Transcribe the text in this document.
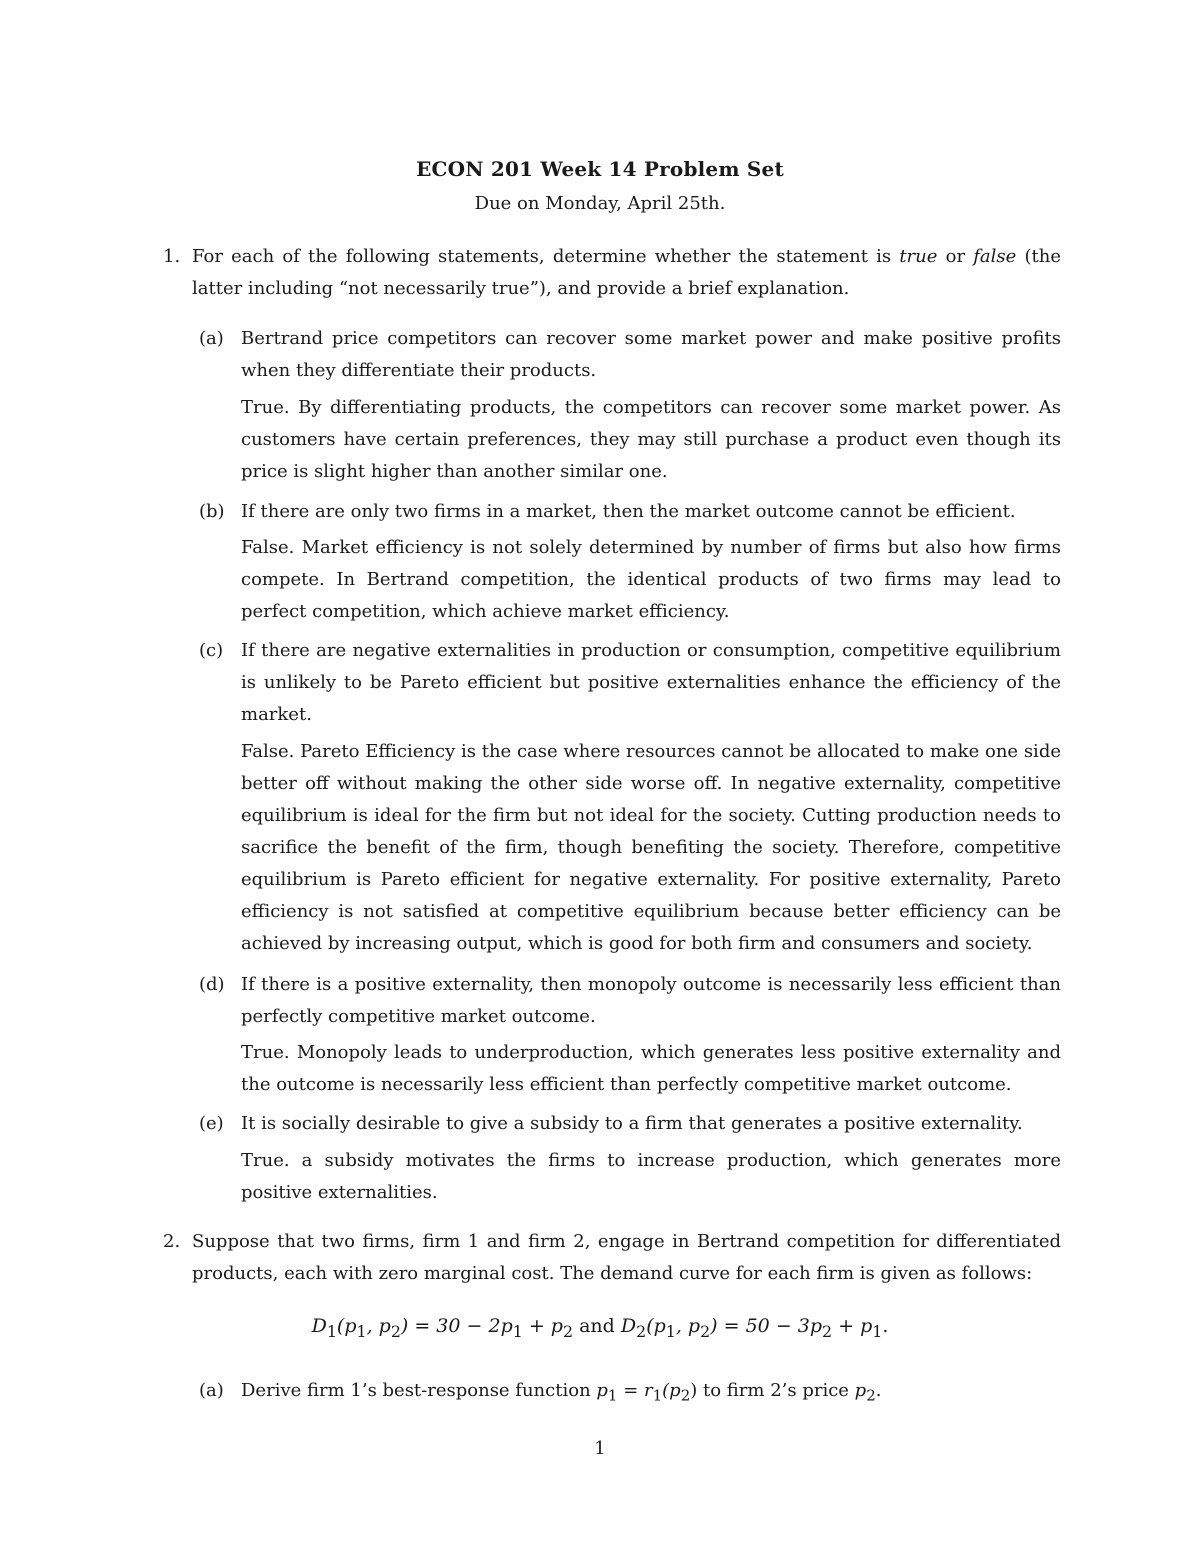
ECON 201 Week 14 Problem Set
Due on Monday, April 25th.
1. For each of the following statements, determine whether the statement is true or false (the latter including “not necessarily true”), and provide a brief explanation.
(a) Bertrand price competitors can recover some market power and make positive profits when they differentiate their products.
True. By differentiating products, the competitors can recover some market power. As customers have certain preferences, they may still purchase a product even though its price is slight higher than another similar one.
(b) If there are only two firms in a market, then the market outcome cannot be efficient.
False. Market efficiency is not solely determined by number of firms but also how firms compete. In Bertrand competition, the identical products of two firms may lead to perfect competition, which achieve market efficiency.
(c) If there are negative externalities in production or consumption, competitive equilibrium is unlikely to be Pareto efficient but positive externalities enhance the efficiency of the market.
False. Pareto Efficiency is the case where resources cannot be allocated to make one side better off without making the other side worse off. In negative externality, competitive equilibrium is ideal for the firm but not ideal for the society. Cutting production needs to sacrifice the benefit of the firm, though benefiting the society. Therefore, competitive equilibrium is Pareto efficient for negative externality. For positive externality, Pareto efficiency is not satisfied at competitive equilibrium because better efficiency can be achieved by increasing output, which is good for both firm and consumers and society.
(d) If there is a positive externality, then monopoly outcome is necessarily less efficient than perfectly competitive market outcome.
True. Monopoly leads to underproduction, which generates less positive externality and the outcome is necessarily less efficient than perfectly competitive market outcome.
(e) It is socially desirable to give a subsidy to a firm that generates a positive externality.
True. a subsidy motivates the firms to increase production, which generates more positive externalities.
2. Suppose that two firms, firm 1 and firm 2, engage in Bertrand competition for differentiated products, each with zero marginal cost. The demand curve for each firm is given as follows:
$D_1(p_1$, $p_2) = 30 - 2p_1 + p_2$ and $D_2(p_1$, $p_2) = 50 - 3p_2 + p_1$.
(a) Derive firm 1’s best-response function $p_1 = r_1(p_2)$ to firm 2’s price $p_2$.
1
